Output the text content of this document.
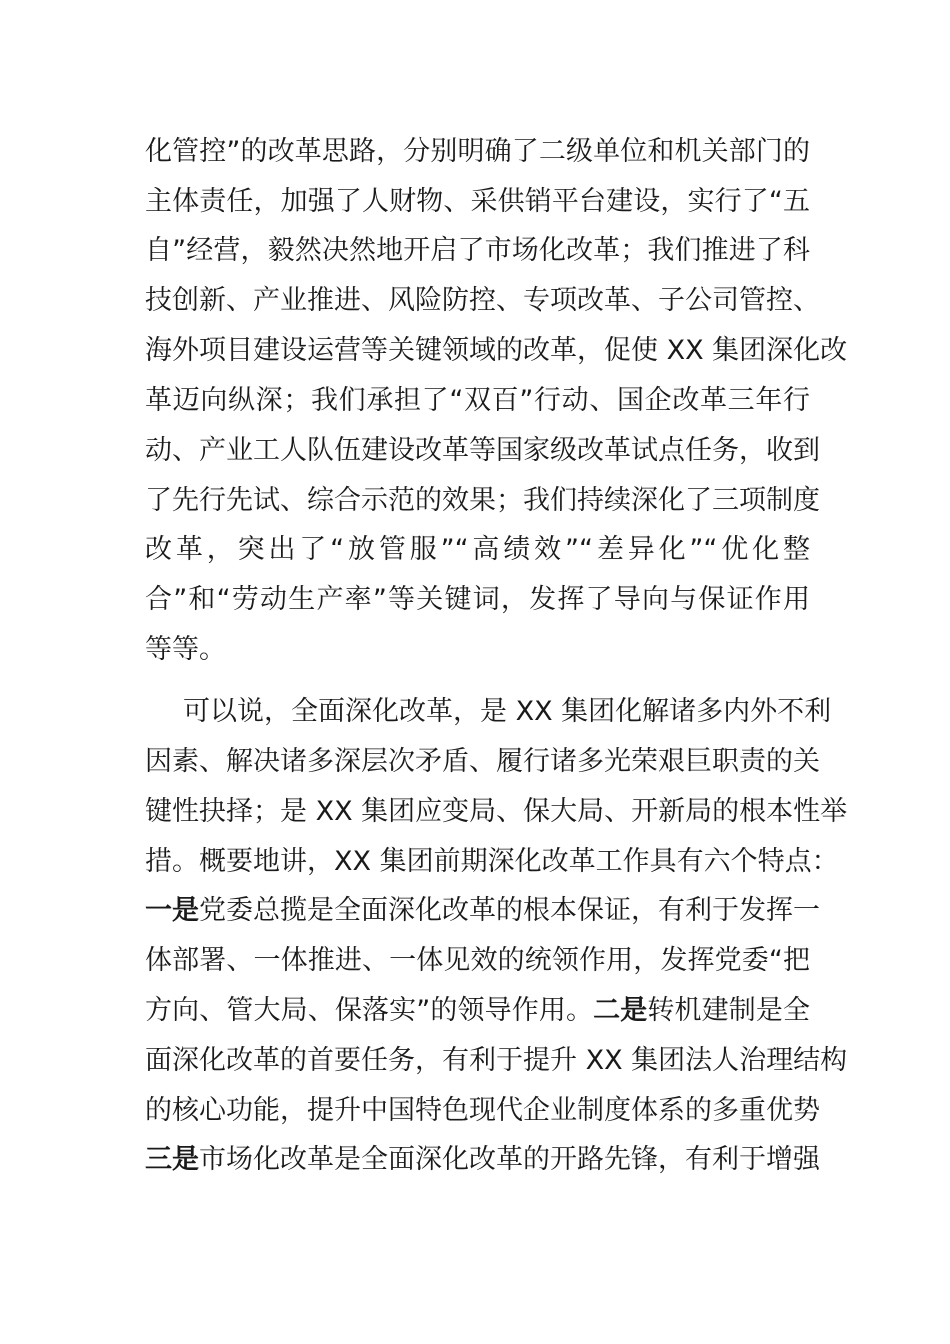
化管控”的改革思路，分别明确了二级单位和机关部门的
主体责任，加强了人财物、采供销平台建设，实行了“五
自”经营，毅然决然地开启了市场化改革；我们推进了科
技创新、产业推进、风险防控、专项改革、子公司管控、
海外项目建设运营等关键领域的改革，促使 XX 集团深化改
革迈向纵深；我们承担了“双百”行动、国企改革三年行
动、产业工人队伍建设改革等国家级改革试点任务，收到
了先行先试、综合示范的效果；我们持续深化了三项制度
改革，突出了“放管服”“高绩效”“差异化”“优化整
合”和“劳动生产率”等关键词，发挥了导向与保证作用
等等。
可以说，全面深化改革，是 XX 集团化解诸多内外不利
因素、解决诸多深层次矛盾、履行诸多光荣艰巨职责的关
键性抉择；是 XX 集团应变局、保大局、开新局的根本性举
措。概要地讲，XX 集团前期深化改革工作具有六个特点：
一是党委总揽是全面深化改革的根本保证，有利于发挥一
体部署、一体推进、一体见效的统领作用，发挥党委“把
方向、管大局、保落实”的领导作用。二是转机建制是全
面深化改革的首要任务，有利于提升 XX 集团法人治理结构
的核心功能，提升中国特色现代企业制度体系的多重优势
三是市场化改革是全面深化改革的开路先锋，有利于增强
